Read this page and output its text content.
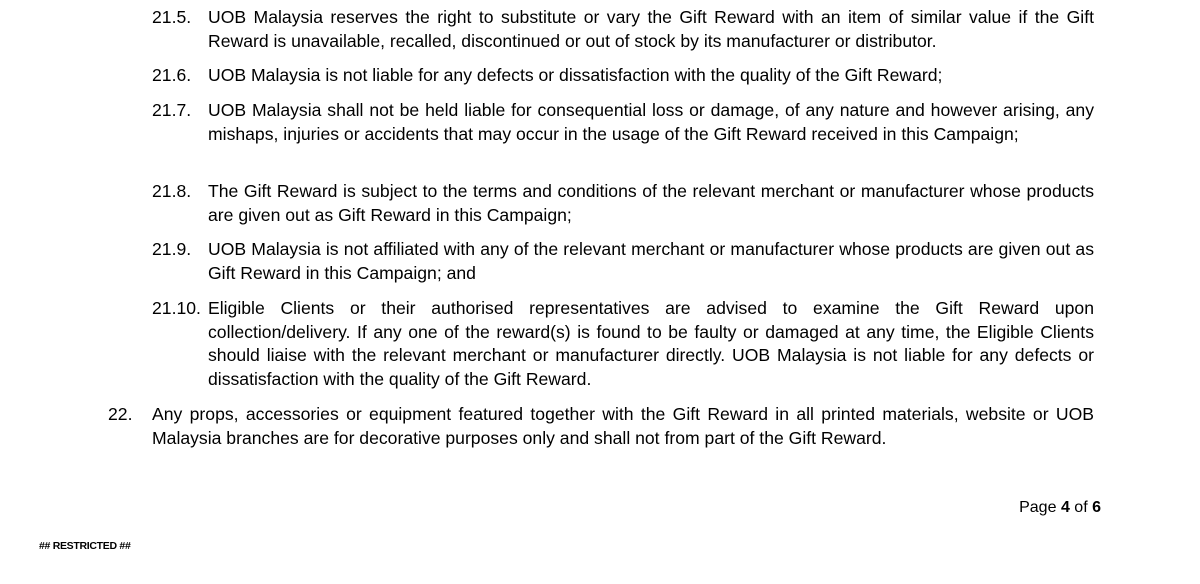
21.5. UOB Malaysia reserves the right to substitute or vary the Gift Reward with an item of similar value if the Gift Reward is unavailable, recalled, discontinued or out of stock by its manufacturer or distributor.
21.6. UOB Malaysia is not liable for any defects or dissatisfaction with the quality of the Gift Reward;
21.7. UOB Malaysia shall not be held liable for consequential loss or damage, of any nature and however arising, any mishaps, injuries or accidents that may occur in the usage of the Gift Reward received in this Campaign;
21.8. The Gift Reward is subject to the terms and conditions of the relevant merchant or manufacturer whose products are given out as Gift Reward in this Campaign;
21.9. UOB Malaysia is not affiliated with any of the relevant merchant or manufacturer whose products are given out as Gift Reward in this Campaign; and
21.10. Eligible Clients or their authorised representatives are advised to examine the Gift Reward upon collection/delivery. If any one of the reward(s) is found to be faulty or damaged at any time, the Eligible Clients should liaise with the relevant merchant or manufacturer directly. UOB Malaysia is not liable for any defects or dissatisfaction with the quality of the Gift Reward.
22. Any props, accessories or equipment featured together with the Gift Reward in all printed materials, website or UOB Malaysia branches are for decorative purposes only and shall not from part of the Gift Reward.
Page 4 of 6
## RESTRICTED ##
